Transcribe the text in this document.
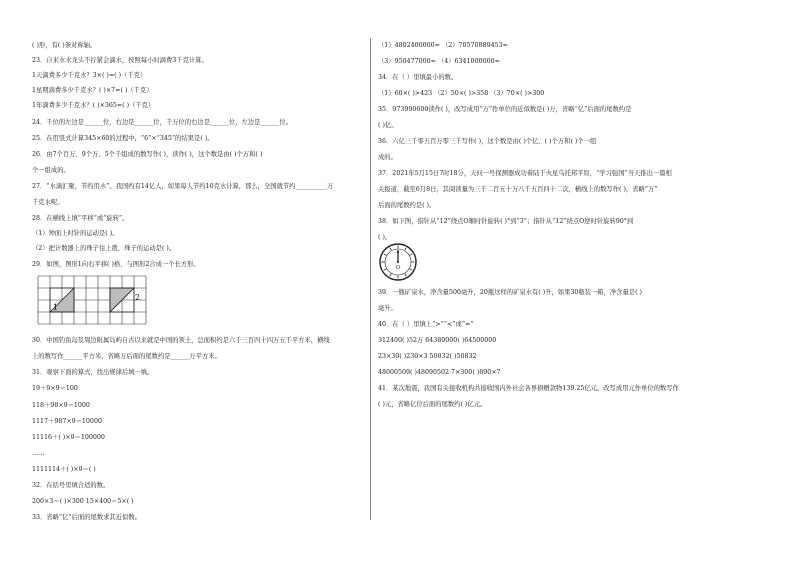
( )形，有( )条对称轴。
23．自来水水龙头不拧紧会滴水，按照每小时滴费3千克计算。
1天滴费多少千克水？3×( )=( )（千克）
1星期滴费多少千克水？( )×7=( )（千克）
1年滴费多少千克水？( )×365=( )（千克）
24．千位的左边是______位，右边是______位，千万位的右边是______位，左边是______位。
25．在用竖式计算345×60的过程中，“6”×“345”的结果是( )。
26．由7个百万、9个万、5个千组成的数写作( )，读作( )，这个数是由( )个万和( )
个一组成的。
27．“水滴汇聚，节约用水”。我国约有14亿人，如果每人节约10克水计算，那么，全国就节约__________万
千克水呢。
28．在横线上填“平移”或“旋转”。
（1）钟面上时针的运动是( )。
（2）把计数器上的珠子往上拨，珠子的运动是( )。
29．如图，图形1向右平移( )格，与图形2合成一个长方形。
1
2
30．中国钓鱼岛及周边附属岛屿自古以来就是中国的领土，总面积约是六千三百四十四万五千平方米，横线
上的数写作______平方米，省略万后面的尾数约是______万平方米。
31．观察下面的算式，找出规律后填一填。
19＋9×9＝100
118＋98×9＝1000
1117＋987×9＝10000
11116＋( )×9＝100000
……
1111114＋( )×9＝( )
32．在括号里填合适的数。
200×3＝( )×300 15×400＝5×( )
33．省略“亿”后面的尾数求其近似数。
（1）4802400000≈ （2）70570889453≈
（3）950477000≈ （4）6341000000≈
34．在（ ）里填最小的数。
（1）60×( )>423 （2）50×( )>358 （3）70×( )>300
35．973990600读作( )，改写成用“万”作单位的近似数是( )万，省略“亿”后面的尾数约是
( )亿。
36．六亿三千零五百万零三千写作( )，这个数是由( )个亿、( )个万和( )个一组
成的。
37．2021年5月15日7时18分，天问一号探测器成功着陆于火星乌托邦平原，“学习强国”当天推出一篇相
关报道，截至6月8日，其阅读量为三千二百五十万八千五百四十二次，横线上的数写作( )，省略“万”
后面的尾数约是( )。
38．如下图，指针从“12”绕点O顺时针旋转( )°到“3”；指针从“12”绕点O逆时针旋转90°到
( )。
O
39．一瓶矿泉水，净含量500毫升，20瓶这样的矿泉水有( )升，如果30瓶装一箱，净含量是( )
毫升。
40．在（ ）里填上“>”“<”或“=”
312400( )52万 64380000( )64500000
23×30( )230×3 50832( )50832
48000509( )48090502 7×300( )890×7
41．某次地震，我国有关接收机构共接收国内外社会各界捐赠款物139.25亿元。改写成用元作单位的数写作
( )元，省略亿位后面的尾数约( )亿元。
